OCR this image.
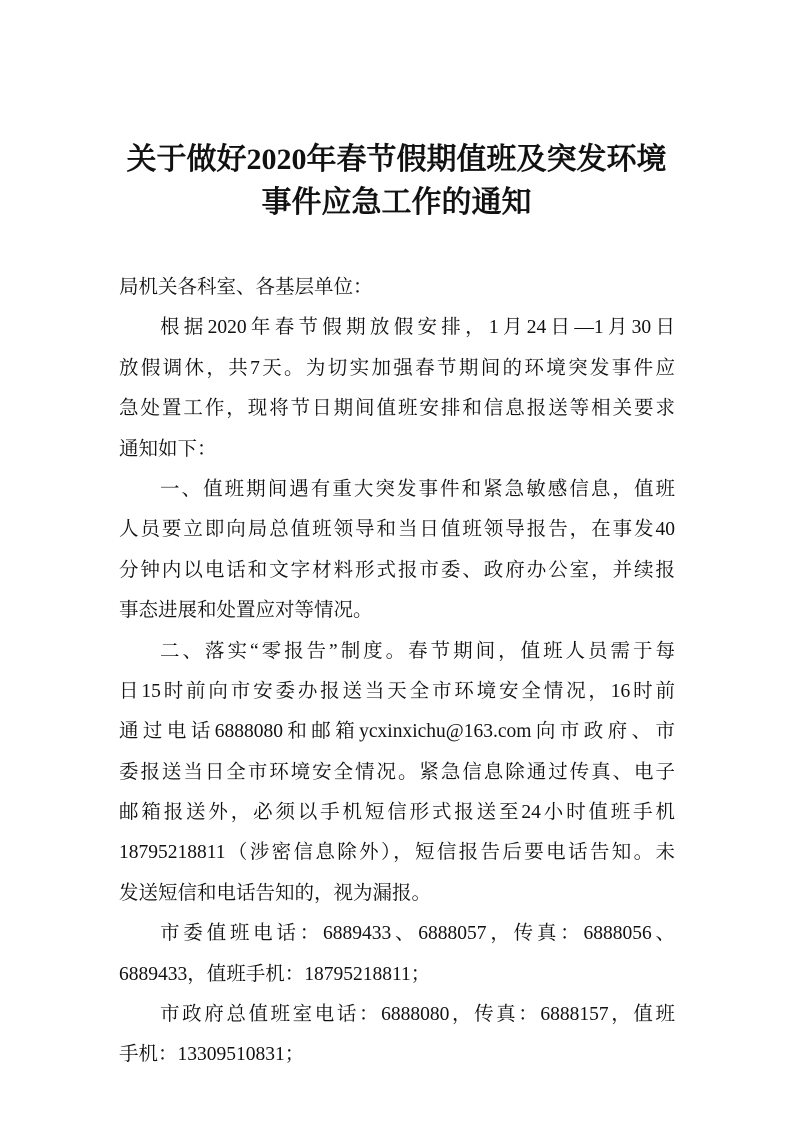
关于做好2020年春节假期值班及突发环境
事件应急工作的通知
局机关各科室、各基层单位：
根据2020年春节假期放假安排，1月24日—1月30日
放假调休，共7天。为切实加强春节期间的环境突发事件应
急处置工作，现将节日期间值班安排和信息报送等相关要求
通知如下：
一、值班期间遇有重大突发事件和紧急敏感信息，值班
人员要立即向局总值班领导和当日值班领导报告，在事发40
分钟内以电话和文字材料形式报市委、政府办公室，并续报
事态进展和处置应对等情况。
二、落实“零报告”制度。春节期间，值班人员需于每
日15时前向市安委办报送当天全市环境安全情况，16时前
通过电话6888080和邮箱ycxinxichu@163.com向市政府、市
委报送当日全市环境安全情况。紧急信息除通过传真、电子
邮箱报送外，必须以手机短信形式报送至24小时值班手机
18795218811（涉密信息除外），短信报告后要电话告知。未
发送短信和电话告知的，视为漏报。
市委值班电话：6889433、6888057，传真：6888056、
6889433，值班手机：18795218811；
市政府总值班室电话：6888080，传真：6888157，值班
手机：13309510831；
